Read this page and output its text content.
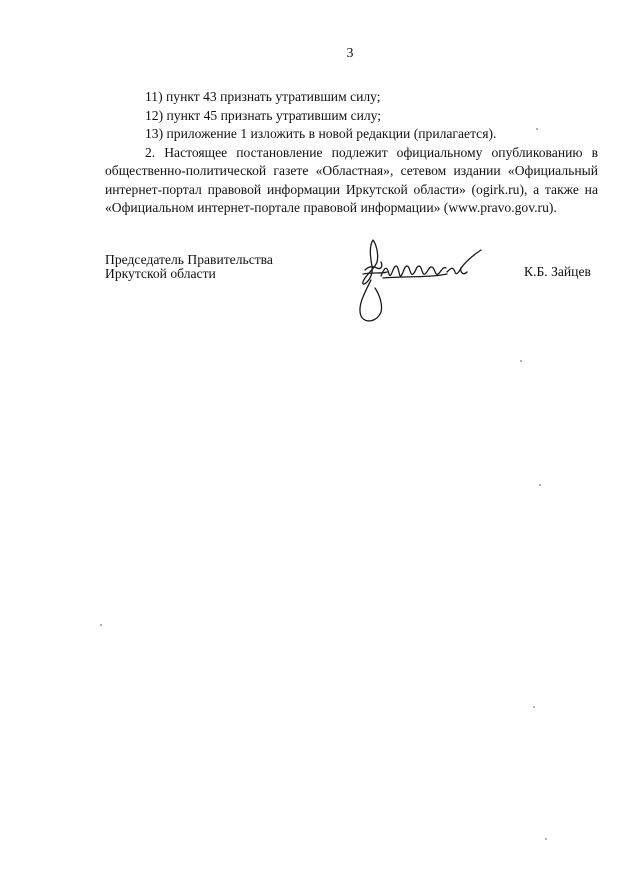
3
11) пункт 43 признать утратившим силу;
12) пункт 45 признать утратившим силу;
13) приложение 1 изложить в новой редакции (прилагается).
2. Настоящее постановление подлежит официальному опубликованию в общественно-политической газете «Областная», сетевом издании «Официальный интернет-портал правовой информации Иркутской области» (ogirk.ru), а также на «Официальном интернет-портале правовой информации» (www.pravo.gov.ru).
Председатель Правительства
Иркутской области	К.Б. Зайцев
